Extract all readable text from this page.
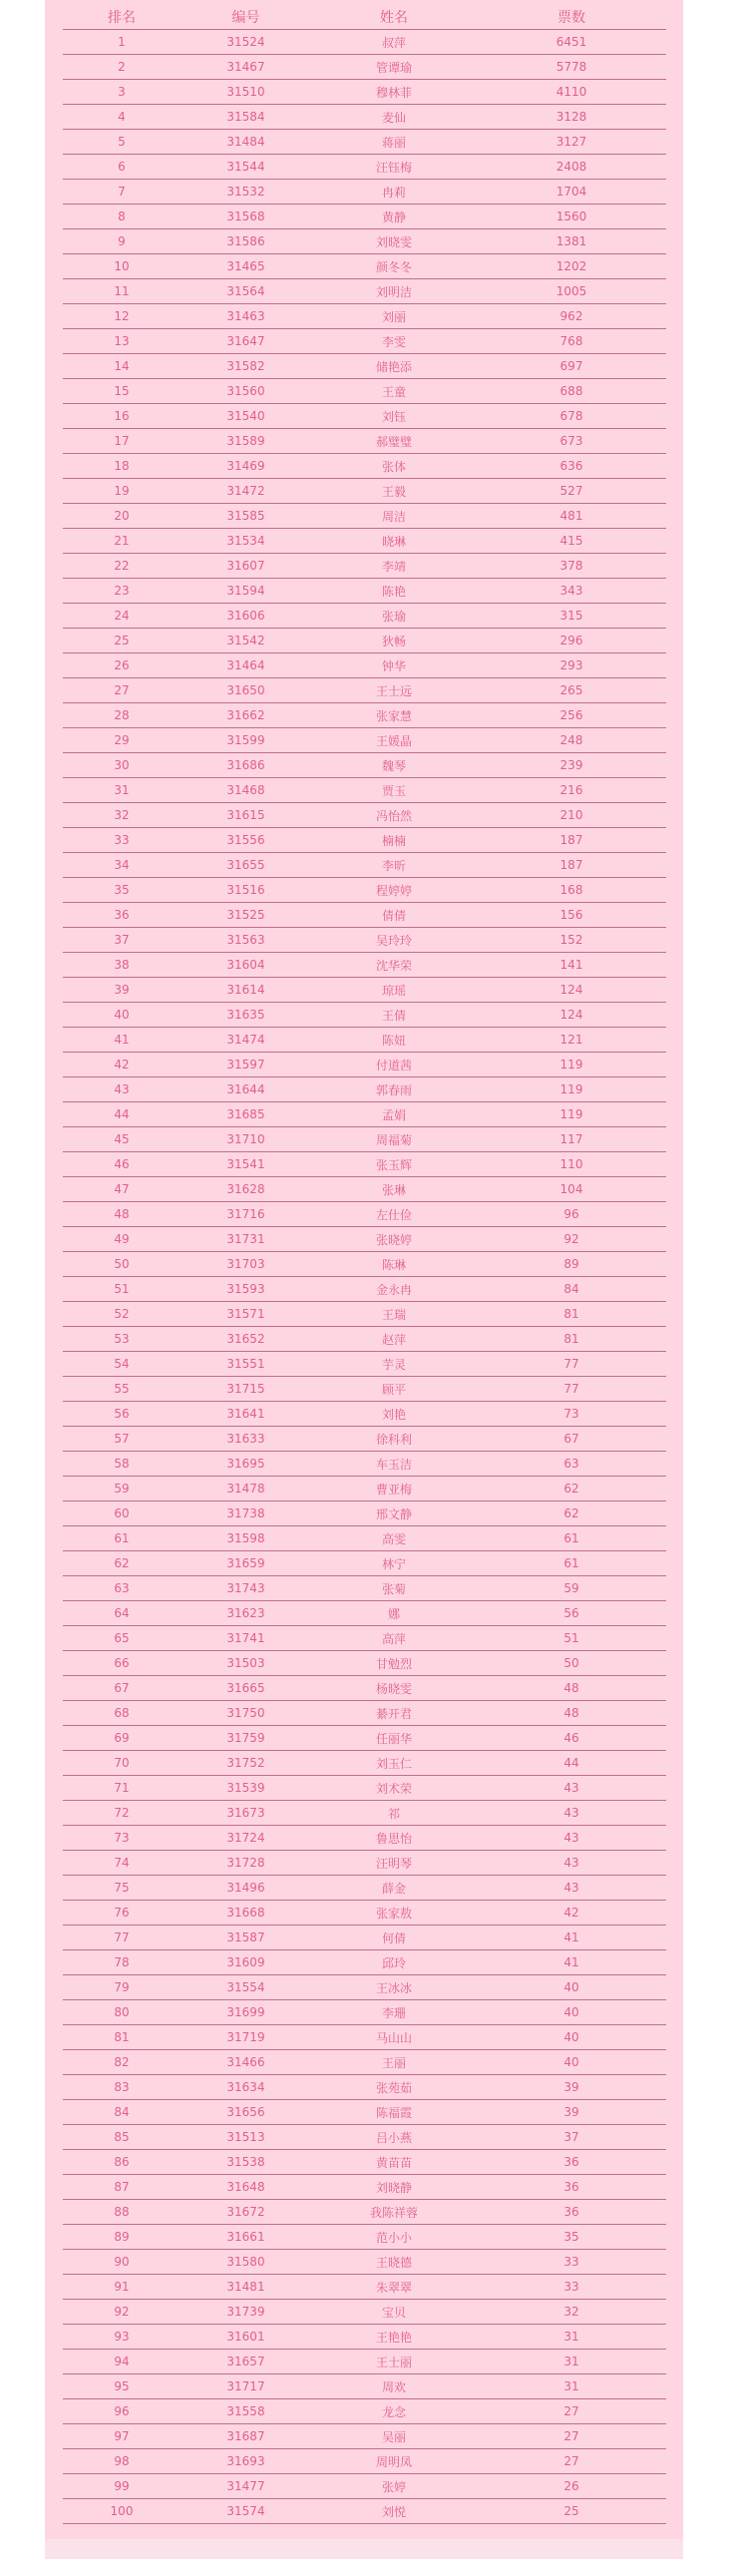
排名	编号	姓名	票数
1	31524	叔萍	6451
2	31467	管谭瑜	5778
3	31510	穆林菲	4110
4	31584	麦仙	3128
5	31484	蒋丽	3127
6	31544	汪钰梅	2408
7	31532	冉莉	1704
8	31568	黄静	1560
9	31586	刘晓雯	1381
10	31465	颜冬冬	1202
11	31564	刘明洁	1005
12	31463	刘丽	962
13	31647	李雯	768
14	31582	储艳添	697
15	31560	王童	688
16	31540	刘钰	678
17	31589	郝璧璧	673
18	31469	张体	636
19	31472	王毅	527
20	31585	周洁	481
21	31534	晓琳	415
22	31607	李靖	378
23	31594	陈艳	343
24	31606	张瑜	315
25	31542	狄畅	296
26	31464	钟华	293
27	31650	王士远	265
28	31662	张家慧	256
29	31599	王媛晶	248
30	31686	魏琴	239
31	31468	贾玉	216
32	31615	冯怡然	210
33	31556	楠楠	187
34	31655	李昕	187
35	31516	程婷婷	168
36	31525	倩倩	156
37	31563	吴玲玲	152
38	31604	沈华荣	141
39	31614	琼瑶	124
40	31635	王倩	124
41	31474	陈妞	121
42	31597	付道茜	119
43	31644	郭春雨	119
44	31685	孟娟	119
45	31710	周福菊	117
46	31541	张玉辉	110
47	31628	张琳	104
48	31716	左仕俭	96
49	31731	张晓婷	92
50	31703	陈琳	89
51	31593	金永冉	84
52	31571	王瑞	81
53	31652	赵萍	81
54	31551	芋灵	77
55	31715	顾平	77
56	31641	刘艳	73
57	31633	徐科利	67
58	31695	车玉洁	63
59	31478	曹亚梅	62
60	31738	邢文静	62
61	31598	高雯	61
62	31659	林宁	61
63	31743	张菊	59
64	31623	娜	56
65	31741	高萍	51
66	31503	甘勉烈	50
67	31665	杨晓雯	48
68	31750	綦开君	48
69	31759	任丽华	46
70	31752	刘玉仁	44
71	31539	刘术荣	43
72	31673	祁	43
73	31724	鲁思怡	43
74	31728	汪明琴	43
75	31496	薛金	43
76	31668	张家敖	42
77	31587	何倩	41
78	31609	邱玲	41
79	31554	王冰冰	40
80	31699	李珊	40
81	31719	马山山	40
82	31466	王丽	40
83	31634	张苑茹	39
84	31656	陈福霞	39
85	31513	吕小燕	37
86	31538	黄苗苗	36
87	31648	刘晓静	36
88	31672	我陈祥蓉	36
89	31661	范小小	35
90	31580	王晓德	33
91	31481	朱翠翠	33
92	31739	宝贝	32
93	31601	王艳艳	31
94	31657	王士丽	31
95	31717	周欢	31
96	31558	龙念	27
97	31687	吴丽	27
98	31693	周明凤	27
99	31477	张婷	26
100	31574	刘悦	25
